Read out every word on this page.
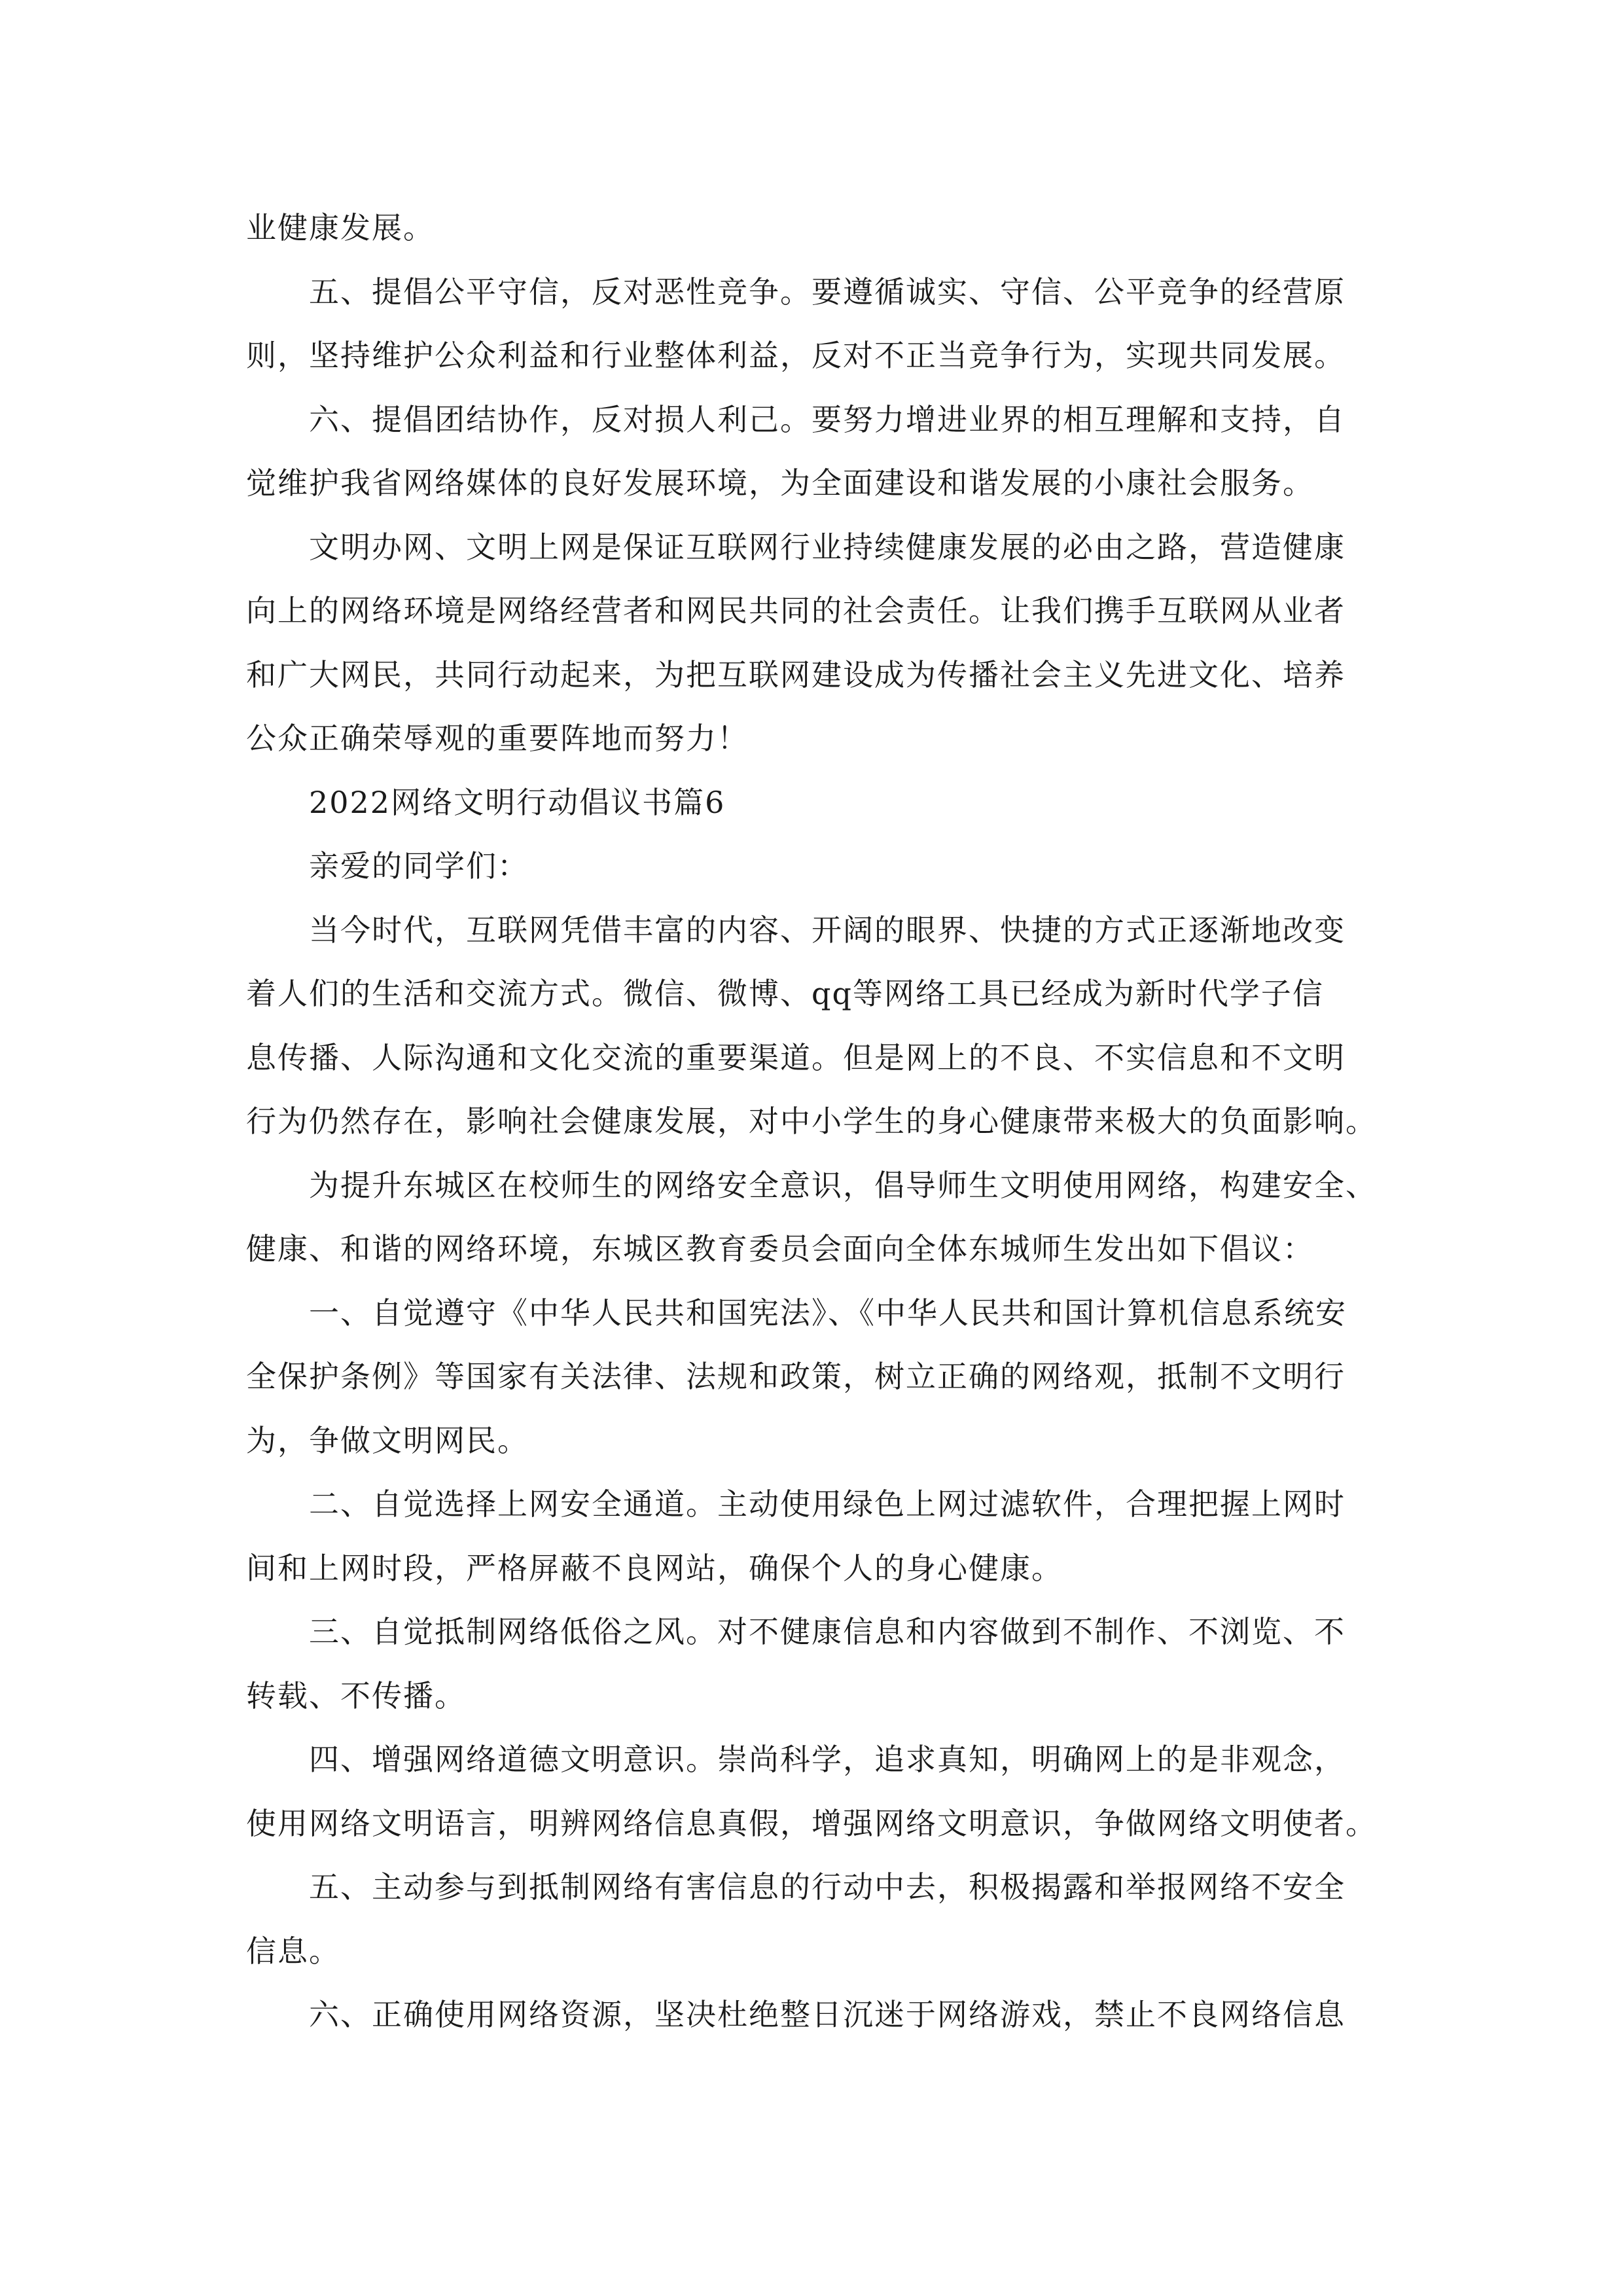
业健康发展。
五、提倡公平守信，反对恶性竞争。要遵循诚实、守信、公平竞争的经营原
则，坚持维护公众利益和行业整体利益，反对不正当竞争行为，实现共同发展。
六、提倡团结协作，反对损人利己。要努力增进业界的相互理解和支持，自
觉维护我省网络媒体的良好发展环境，为全面建设和谐发展的小康社会服务。
文明办网、文明上网是保证互联网行业持续健康发展的必由之路，营造健康
向上的网络环境是网络经营者和网民共同的社会责任。让我们携手互联网从业者
和广大网民，共同行动起来，为把互联网建设成为传播社会主义先进文化、培养
公众正确荣辱观的重要阵地而努力！
2022网络文明行动倡议书篇6
亲爱的同学们：
当今时代，互联网凭借丰富的内容、开阔的眼界、快捷的方式正逐渐地改变
着人们的生活和交流方式。微信、微博、qq等网络工具已经成为新时代学子信
息传播、人际沟通和文化交流的重要渠道。但是网上的不良、不实信息和不文明
行为仍然存在，影响社会健康发展，对中小学生的身心健康带来极大的负面影响。
为提升东城区在校师生的网络安全意识，倡导师生文明使用网络，构建安全、
健康、和谐的网络环境，东城区教育委员会面向全体东城师生发出如下倡议：
一、自觉遵守《中华人民共和国宪法》、《中华人民共和国计算机信息系统安
全保护条例》等国家有关法律、法规和政策，树立正确的网络观，抵制不文明行
为，争做文明网民。
二、自觉选择上网安全通道。主动使用绿色上网过滤软件，合理把握上网时
间和上网时段，严格屏蔽不良网站，确保个人的身心健康。
三、自觉抵制网络低俗之风。对不健康信息和内容做到不制作、不浏览、不
转载、不传播。
四、增强网络道德文明意识。崇尚科学，追求真知，明确网上的是非观念，
使用网络文明语言，明辨网络信息真假，增强网络文明意识，争做网络文明使者。
五、主动参与到抵制网络有害信息的行动中去，积极揭露和举报网络不安全
信息。
六、正确使用网络资源，坚决杜绝整日沉迷于网络游戏，禁止不良网络信息
